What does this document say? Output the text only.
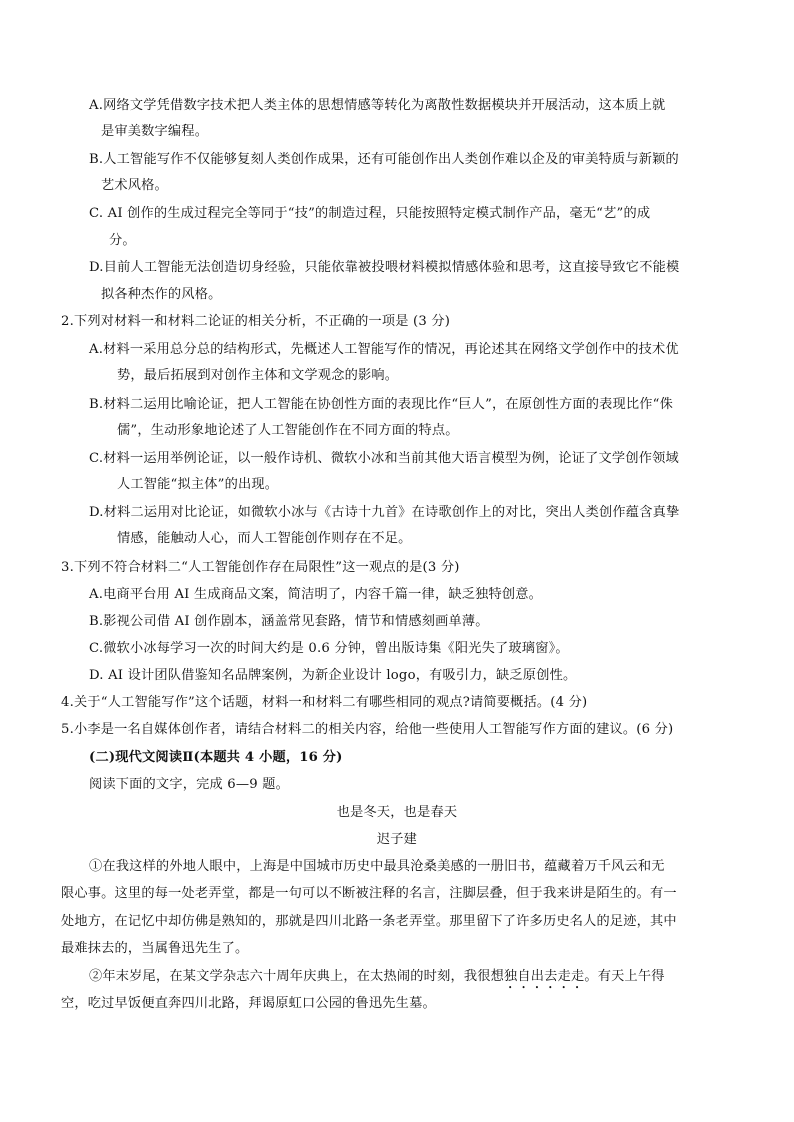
A.网络文学凭借数字技术把人类主体的思想情感等转化为离散性数据模块并开展活动，这本质上就
是审美数字编程。
B.人工智能写作不仅能够复刻人类创作成果，还有可能创作出人类创作难以企及的审美特质与新颖的
艺术风格。
C. AI 创作的生成过程完全等同于“技”的制造过程，只能按照特定模式制作产品，毫无“艺”的成
分。
D.目前人工智能无法创造切身经验，只能依靠被投喂材料模拟情感体验和思考，这直接导致它不能模
拟各种杰作的风格。
2.下列对材料一和材料二论证的相关分析，不正确的一项是 (3 分)
A.材料一采用总分总的结构形式，先概述人工智能写作的情况，再论述其在网络文学创作中的技术优
势，最后拓展到对创作主体和文学观念的影响。
B.材料二运用比喻论证，把人工智能在协创性方面的表现比作“巨人”，在原创性方面的表现比作“侏
儒”，生动形象地论述了人工智能创作在不同方面的特点。
C.材料一运用举例论证，以一般作诗机、微软小冰和当前其他大语言模型为例，论证了文学创作领域
人工智能“拟主体”的出现。
D.材料二运用对比论证，如微软小冰与《古诗十九首》在诗歌创作上的对比，突出人类创作蕴含真挚
情感，能触动人心，而人工智能创作则存在不足。
3.下列不符合材料二“人工智能创作存在局限性”这一观点的是(3 分)
A.电商平台用 AI 生成商品文案，简洁明了，内容千篇一律，缺乏独特创意。
B.影视公司借 AI 创作剧本，涵盖常见套路，情节和情感刻画单薄。
C.微软小冰每学习一次的时间大约是 0.6 分钟，曾出版诗集《阳光失了玻璃窗》。
D. AI 设计团队借鉴知名品牌案例，为新企业设计 logo，有吸引力，缺乏原创性。
4.关于“人工智能写作”这个话题，材料一和材料二有哪些相同的观点?请简要概括。(4 分)
5.小李是一名自媒体创作者，请结合材料二的相关内容，给他一些使用人工智能写作方面的建议。(6 分)
(二)现代文阅读Ⅱ(本题共 4 小题，16 分)
阅读下面的文字，完成 6—9 题。
也是冬天，也是春天
迟子建
①在我这样的外地人眼中，上海是中国城市历史中最具沧桑美感的一册旧书，蕴藏着万千风云和无
限心事。这里的每一处老弄堂，都是一句可以不断被注释的名言，注脚层叠，但于我来讲是陌生的。有一
处地方，在记忆中却仿佛是熟知的，那就是四川北路一条老弄堂。那里留下了许多历史名人的足迹，其中
最难抹去的，当属鲁迅先生了。
②年末岁尾，在某文学杂志六十周年庆典上，在太热闹的时刻，我很想独自出去走走。有天上午得
空，吃过早饭便直奔四川北路，拜谒原虹口公园的鲁迅先生墓。
